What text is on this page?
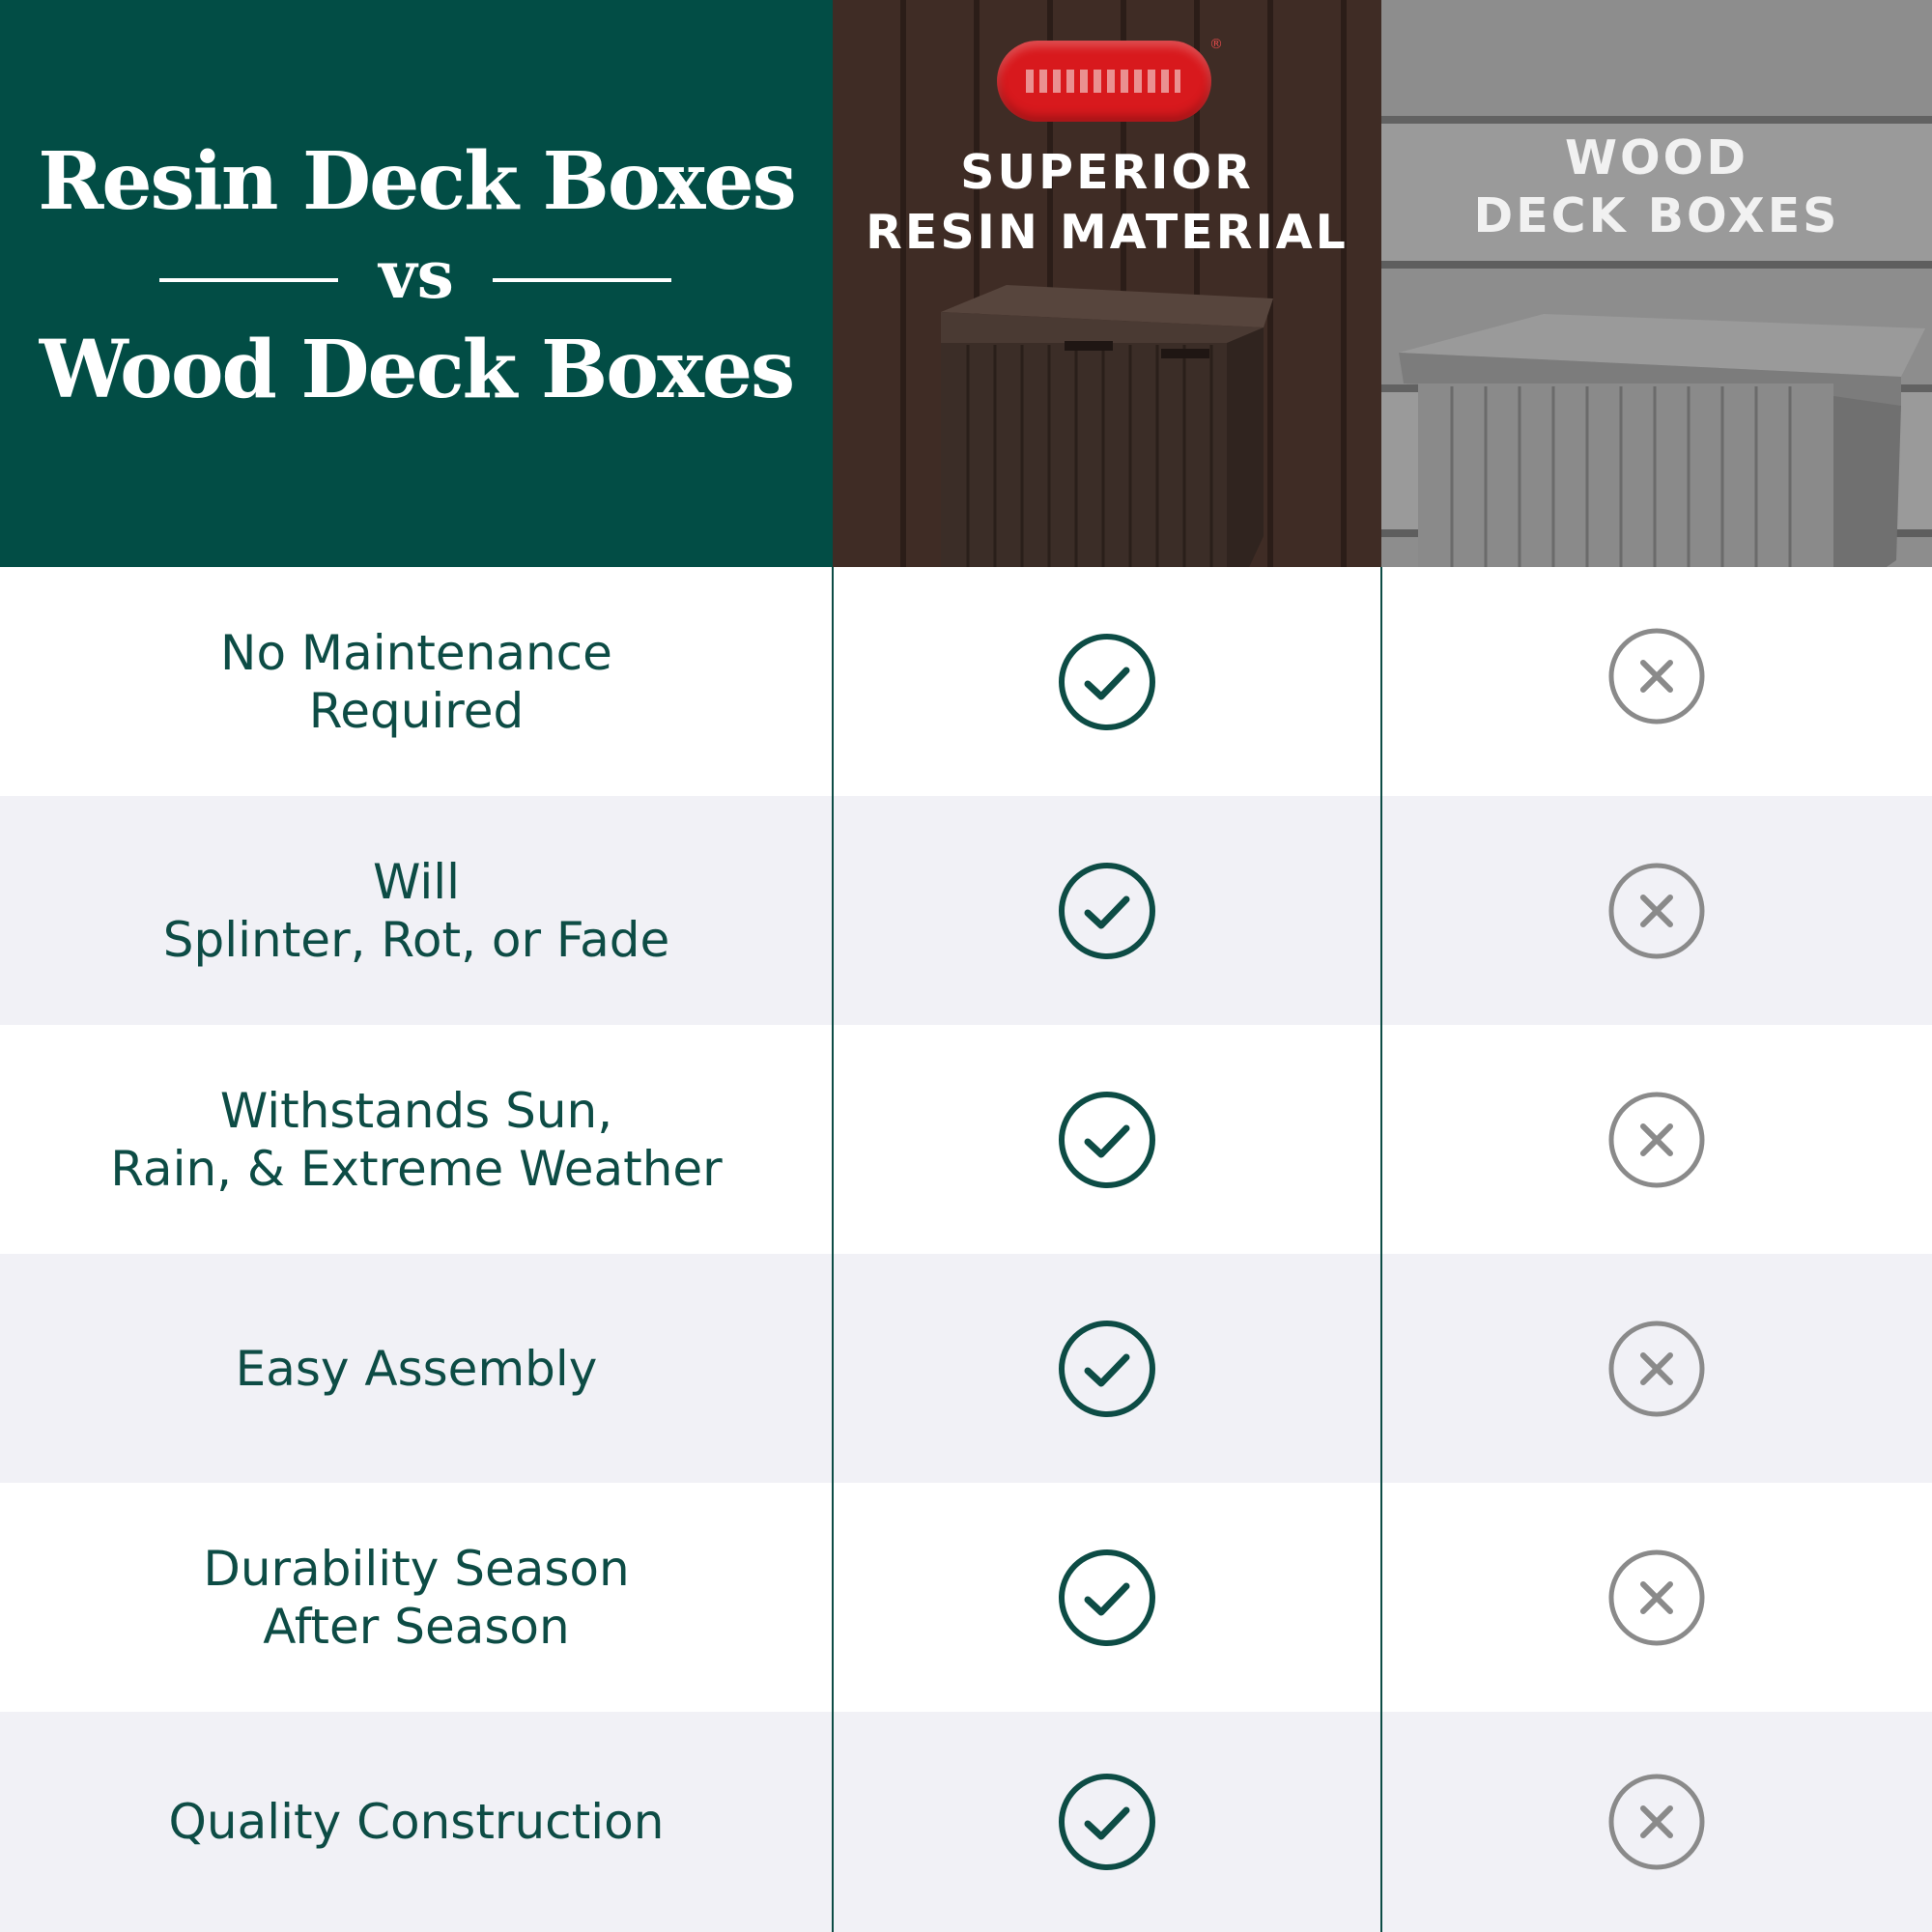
Resin Deck Boxes
vs
Wood Deck Boxes
®
SUPERIOR
RESIN MATERIAL
WOOD
DECK BOXES
No Maintenance
Required
Will
Splinter, Rot, or Fade
Withstands Sun,
Rain, & Extreme Weather
Easy Assembly
Durability Season
After Season
Quality Construction
